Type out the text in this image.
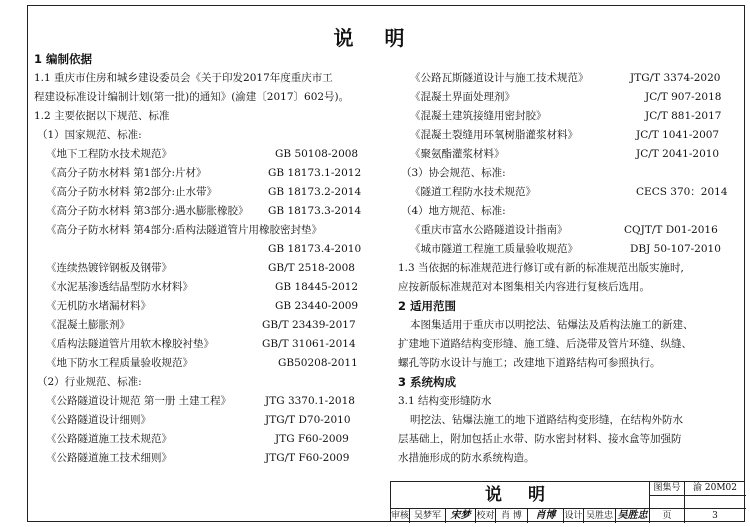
说 明
1 编制依据
1.1 重庆市住房和城乡建设委员会《关于印发2017年度重庆市工
程建设标准设计编制计划(第一批)的通知》(渝建〔2017〕602号)。
1.2 主要依据以下规范、标准
（1）国家规范、标准:
《地下工程防水技术规范》	GB 50108-2008
《高分子防水材料 第1部分:片材》	GB 18173.1-2012
《高分子防水材料 第2部分:止水带》	GB 18173.2-2014
《高分子防水材料 第3部分:遇水膨胀橡胶》 GB 18173.3-2014
《高分子防水材料 第4部分:盾构法隧道管片用橡胶密封垫》
GB 18173.4-2010
《连续热镀锌钢板及钢带》	GB/T 2518-2008
《水泥基渗透结晶型防水材料》	GB 18445-2012
《无机防水堵漏材料》	GB 23440-2009
《混凝土膨胀剂》	GB/T 23439-2017
《盾构法隧道管片用软木橡胶衬垫》	GB/T 31061-2014
《地下防水工程质量验收规范》	GB50208-2011
（2）行业规范、标准:
《公路隧道设计规范 第一册 土建工程》	JTG 3370.1-2018
《公路隧道设计细则》	JTG/T D70-2010
《公路隧道施工技术规范》	JTG F60-2009
《公路隧道施工技术细则》	JTG/T F60-2009
《公路瓦斯隧道设计与施工技术规范》	JTG/T 3374-2020
《混凝土界面处理剂》	JC/T 907-2018
《混凝土建筑接缝用密封胶》	JC/T 881-2017
《混凝土裂缝用环氧树脂灌浆材料》	JC/T 1041-2007
《聚氨酯灌浆材料》	JC/T 2041-2010
（3）协会规范、标准:
《隧道工程防水技术规范》	CECS 370：2014
（4）地方规范、标准:
《重庆市富水公路隧道设计指南》	CQJT/T D01-2016
《城市隧道工程施工质量验收规范》	DBJ 50-107-2010
1.3 当依据的标准规范进行修订或有新的标准规范出版实施时,
应按新版标准规范对本图集相关内容进行复核后选用。
2 适用范围
本图集适用于重庆市以明挖法、钻爆法及盾构法施工的新建、
扩建地下道路结构变形缝、施工缝、后浇带及管片环缝、纵缝、
螺孔等防水设计与施工；改建地下道路结构可参照执行。
3 系统构成
3.1 结构变形缝防水
明挖法、钻爆法施工的地下道路结构变形缝，在结构外防水
层基础上，附加包括止水带、防水密封材料、接水盒等加强防
水措施形成的防水系统构造。
说 明	图集号	渝 20M02
审核 吴梦军 宋梦 校对 肖 博	肖博 设计 吴胜忠 吴胜忠	页	3
